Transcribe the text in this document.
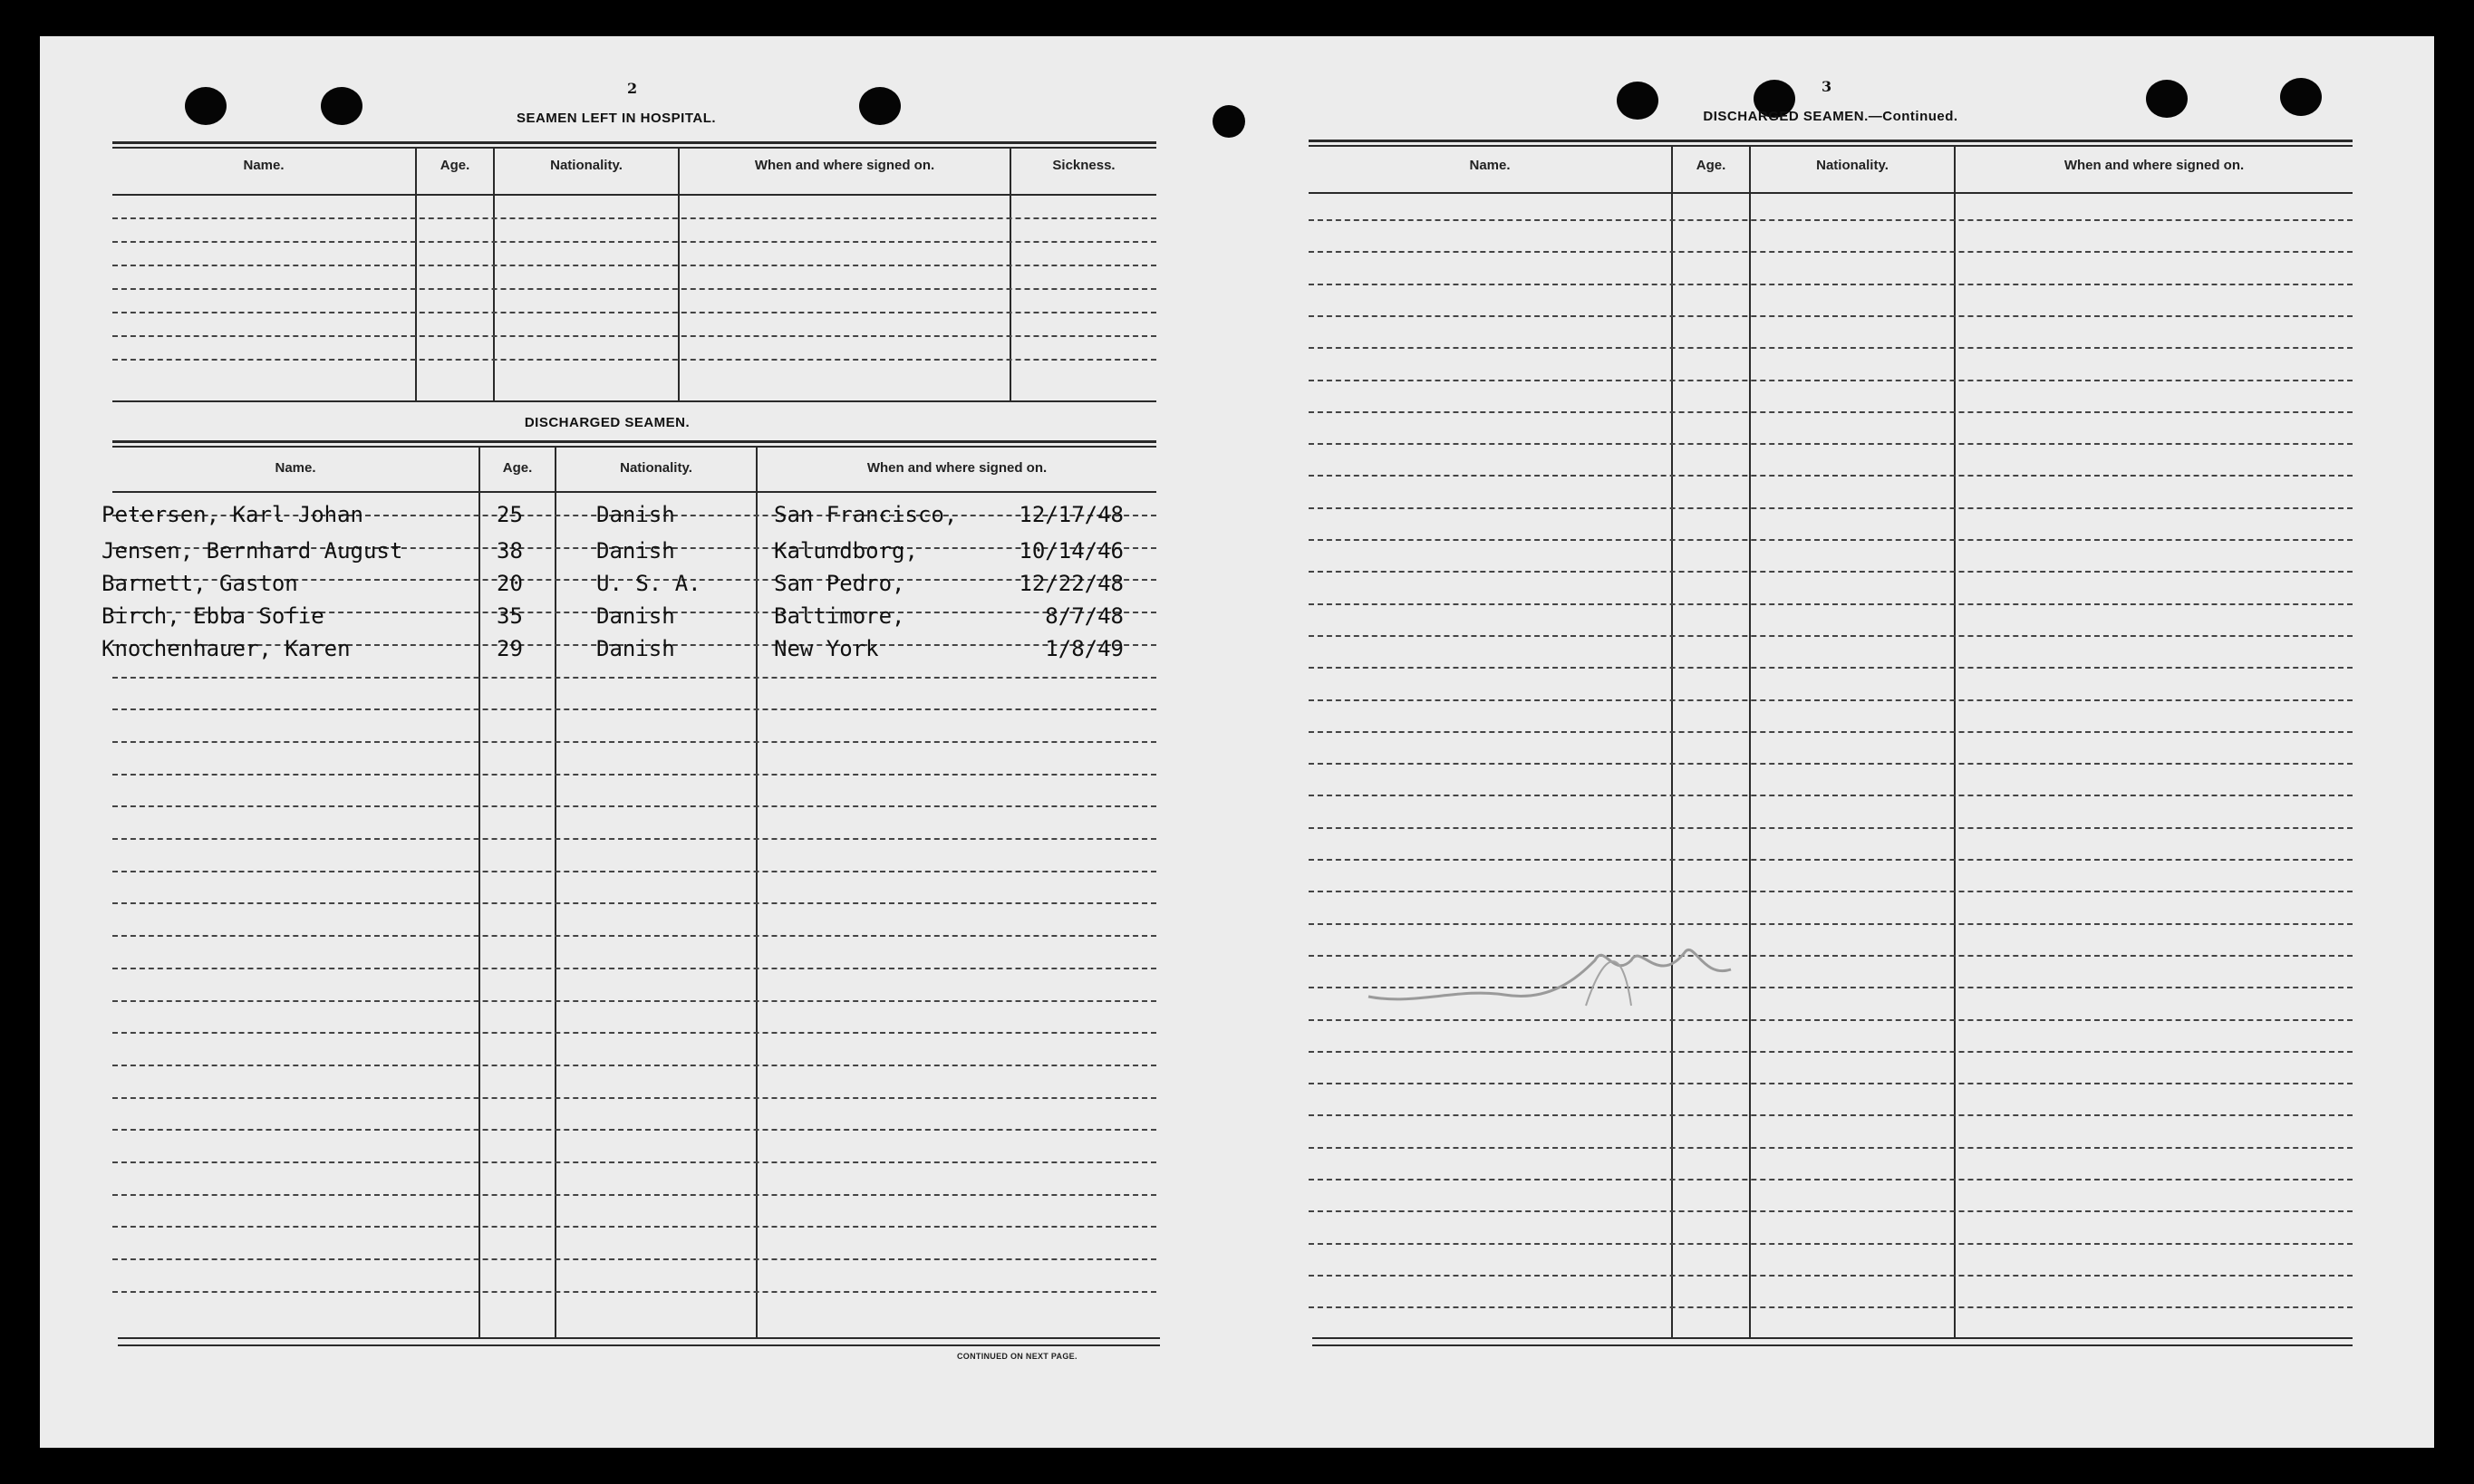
2
SEAMEN LEFT IN HOSPITAL.
Name.	Age.	Nationality.	When and where signed on.	Sickness.
DISCHARGED SEAMEN.
Name.	Age.	Nationality.	When and where signed on.
Petersen, Karl Johan	25	Danish	San Francisco,	12/17/48
Jensen, Bernhard August	38	Danish	Kalundborg,	10/14/46
Barnett, Gaston	20	U. S. A.	San Pedro,	12/22/48
Birch, Ebba Sofie	35	Danish	Baltimore,	8/7/48
Knochenhauer, Karen	29	Danish	New York	1/8/49
CONTINUED ON NEXT PAGE.
3
DISCHARGED SEAMEN.—Continued.
Name.	Age.	Nationality.	When and where signed on.
